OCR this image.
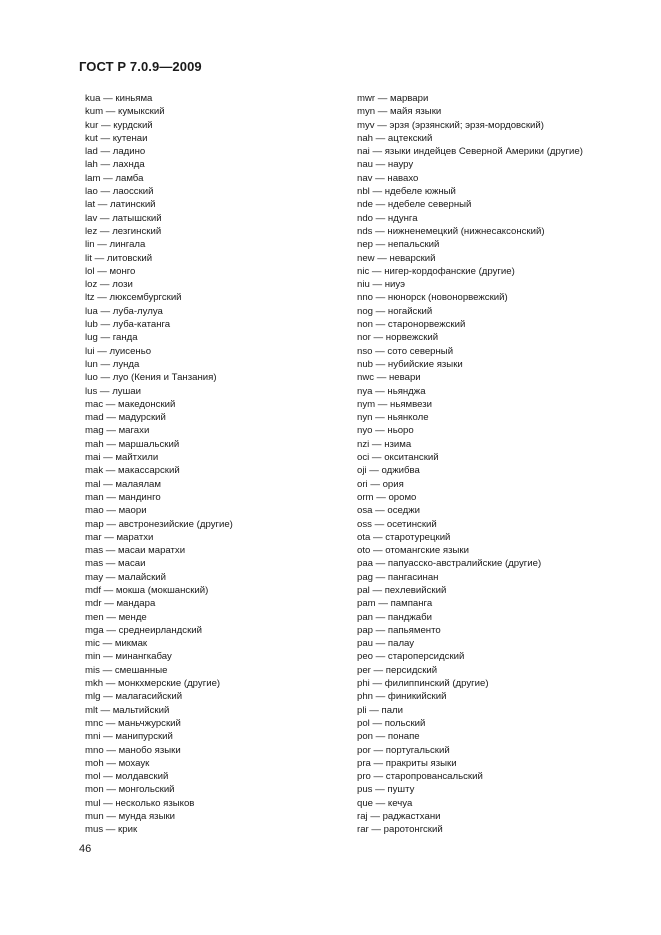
ГОСТ Р 7.0.9—2009
kua — киньяма
kum — кумыкский
kur — курдский
kut — кутенаи
lad — ладино
lah — лахнда
lam — ламба
lao — лаосский
lat — латинский
lav — латышский
lez — лезгинский
lin — лингала
lit — литовский
lol — монго
loz — лози
ltz — люксембургский
lua — луба-лулуа
lub — луба-катанга
lug — ганда
lui — луисеньо
lun — лунда
luo — луо (Кения и Танзания)
lus — лушаи
mac — македонский
mad — мадурский
mag — магахи
mah — маршальский
mai — майтхили
mak — макассарский
mal — малаялам
man — мандинго
mao — маори
map — австронезийские (другие)
mar — маратхи
mas — масаи маратхи
mas — масаи
may — малайский
mdf — мокша (мокшанский)
mdr — мандара
men — менде
mga — среднеирландский
mic — микмак
min — минангкабау
mis — смешанные
mkh — монкхмерские (другие)
mlg — малагасийский
mlt — мальтийский
mnc — маньчжурский
mni — манипурский
mno — манобо языки
moh — мохаук
mol — молдавский
mon — монгольский
mul — несколько языков
mun — мунда языки
mus — крик
mwr — марвари
myn — майя языки
myv — эрзя (эрзянский; эрзя-мордовский)
nah — ацтекский
nai — языки индейцев Северной Америки (другие)
nau — науру
nav — навахо
nbl — ндебеле южный
nde — ндебеле северный
ndo — ндунга
nds — нижненемецкий (нижнесаксонский)
nep — непальский
new — неварский
nic — нигер-кордофанские (другие)
niu — ниуэ
nno — нюнорск (новонорвежский)
nog — ногайский
non — старонорвежский
nor — норвежский
nso — сото северный
nub — нубийские языки
nwc — невари
nya — ньянджа
nym — ньямвези
nyn — ньянколе
nyo — ньоро
nzi — нзима
oci — окситанский
oji — оджибва
ori — ория
orm — оромо
osa — оседжи
oss — осетинский
ota — старотурецкий
oto — отомангские языки
paa — папуасско-австралийские (другие)
pag — пангасинан
pal — пехлевийский
pam — пампанга
pan — панджаби
pap — папьяменто
pau — палау
peo — староперсидский
per — персидский
phi — филиппинский (другие)
phn — финикийский
pli — пали
pol — польский
pon — понапе
por — португальский
pra — пракриты языки
pro — старопровансальский
pus — пушту
que — кечуа
raj — раджастхани
rar — раротонгский
46
